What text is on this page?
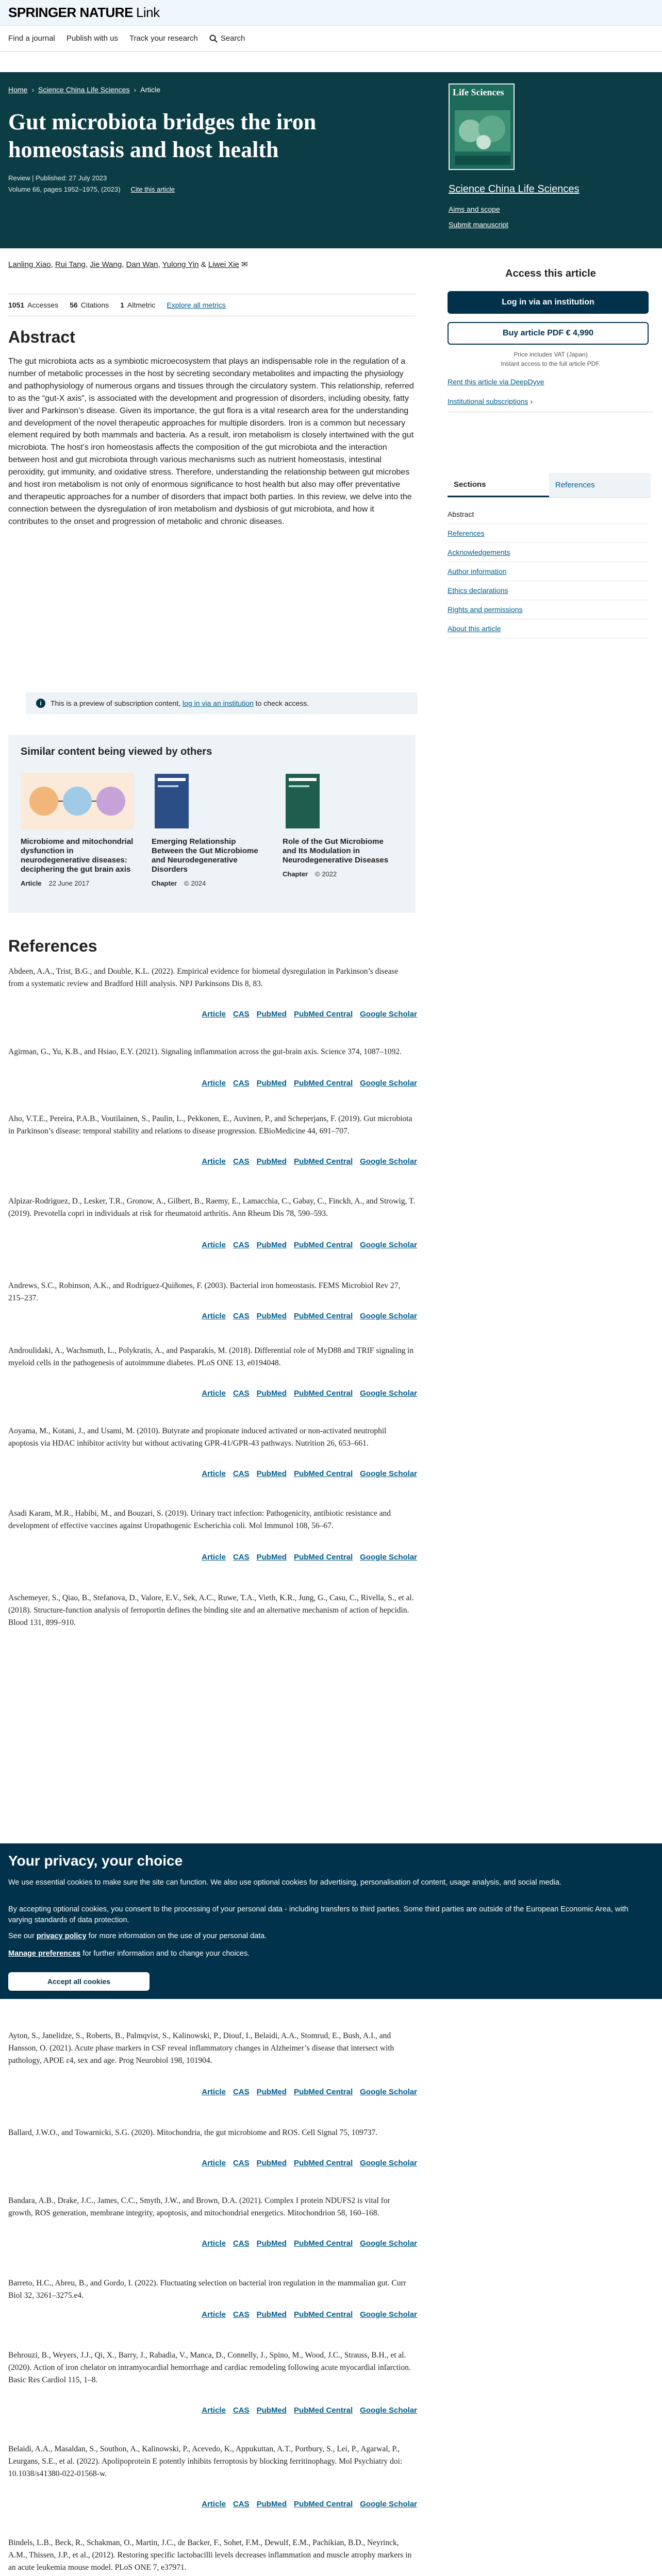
SPRINGER NATURE Link
Find a journal Publish with us Track your research	Search
Home › Science China Life Sciences › Article
Gut microbiota bridges the iron homeostasis and host health
Review | Published: 27 July 2023
Volume 66, pages 1952–1975, (2023) Cite this article
Life Sciences
Science China Life Sciences
Aims and scope
Submit manuscript
Lanling Xiao, Rui Tang, Jie Wang, Dan Wan, Yulong Yin & Liwei Xie ✉
1051 Accesses 56 Citations 1 Altmetric Explore all metrics
Abstract

The gut microbiota acts as a symbiotic microecosystem that plays an indispensable role in the regulation of a number of metabolic processes in the host by secreting secondary metabolites and impacting the physiology and pathophysiology of numerous organs and tissues through the circulatory system. This relationship, referred to as the “gut-X axis”, is associated with the development and progression of disorders, including obesity, fatty liver and Parkinson’s disease. Given its importance, the gut flora is a vital research area for the understanding and development of the novel therapeutic approaches for multiple disorders. Iron is a common but necessary element required by both mammals and bacteria. As a result, iron metabolism is closely intertwined with the gut microbiota. The host’s iron homeostasis affects the composition of the gut microbiota and the interaction between host and gut microbiota through various mechanisms such as nutrient homeostasis, intestinal peroxidity, gut immunity, and oxidative stress. Therefore, understanding the relationship between gut microbes and host iron metabolism is not only of enormous significance to host health but also may offer preventative and therapeutic approaches for a number of disorders that impact both parties. In this review, we delve into the connection between the dysregulation of iron metabolism and dysbiosis of gut microbiota, and how it contributes to the onset and progression of metabolic and chronic diseases.

i	This is a preview of subscription content, log in via an institution to check access.
Similar content being viewed by others
Microbiome and mitochondrial dysfunction in neurodegenerative diseases: deciphering the gut brain axis
Article 22 June 2017
Emerging Relationship Between the Gut Microbiome and Neurodegenerative Disorders
Chapter © 2024
Role of the Gut Microbiome and Its Modulation in Neurodegenerative Diseases
Chapter © 2022
References
Abdeen, A.A., Trist, B.G., and Double, K.L. (2022). Empirical evidence for biometal dysregulation in Parkinson’s disease from a systematic review and Bradford Hill analysis. NPJ Parkinsons Dis 8, 83.
Article CAS PubMed PubMed Central Google Scholar
Agirman, G., Yu, K.B., and Hsiao, E.Y. (2021). Signaling inflammation across the gut-brain axis. Science 374, 1087–1092.
Article CAS PubMed PubMed Central Google Scholar
Aho, V.T.E., Pereira, P.A.B., Voutilainen, S., Paulin, L., Pekkonen, E., Auvinen, P., and Scheperjans, F. (2019). Gut microbiota in Parkinson’s disease: temporal stability and relations to disease progression. EBioMedicine 44, 691–707.
Article CAS PubMed PubMed Central Google Scholar
Alpizar-Rodriguez, D., Lesker, T.R., Gronow, A., Gilbert, B., Raemy, E., Lamacchia, C., Gabay, C., Finckh, A., and Strowig, T. (2019). Prevotella copri in individuals at risk for rheumatoid arthritis. Ann Rheum Dis 78, 590–593.
Article CAS PubMed PubMed Central Google Scholar
Andrews, S.C., Robinson, A.K., and Rodríguez-Quiñones, F. (2003). Bacterial iron homeostasis. FEMS Microbiol Rev 27, 215–237.
Article CAS PubMed PubMed Central Google Scholar
Androulidaki, A., Wachsmuth, L., Polykratis, A., and Pasparakis, M. (2018). Differential role of MyD88 and TRIF signaling in myeloid cells in the pathogenesis of autoimmune diabetes. PLoS ONE 13, e0194048.
Article CAS PubMed PubMed Central Google Scholar
Aoyama, M., Kotani, J., and Usami, M. (2010). Butyrate and propionate induced activated or non-activated neutrophil apoptosis via HDAC inhibitor activity but without activating GPR-41/GPR-43 pathways. Nutrition 26, 653–661.
Article CAS PubMed PubMed Central Google Scholar
Asadi Karam, M.R., Habibi, M., and Bouzari, S. (2019). Urinary tract infection: Pathogenicity, antibiotic resistance and development of effective vaccines against Uropathogenic Escherichia coli. Mol Immunol 108, 56–67.
Article CAS PubMed PubMed Central Google Scholar
Aschemeyer, S., Qiao, B., Stefanova, D., Valore, E.V., Sek, A.C., Ruwe, T.A., Vieth, K.R., Jung, G., Casu, C., Rivella, S., et al. (2018). Structure-function analysis of ferroportin defines the binding site and an alternative mechanism of action of hepcidin. Blood 131, 899–910.
Your privacy, your choice
We use essential cookies to make sure the site can function. We also use optional cookies for advertising, personalisation of content, usage analysis, and social media.
By accepting optional cookies, you consent to the processing of your personal data - including transfers to third parties. Some third parties are outside of the European Economic Area, with varying standards of data protection.
See our privacy policy for more information on the use of your personal data.
Manage preferences for further information and to change your choices.
Accept all cookies
Ayton, S., Janelidze, S., Roberts, B., Palmqvist, S., Kalinowski, P., Diouf, I., Belaidi, A.A., Stomrud, E., Bush, A.I., and Hansson, O. (2021). Acute phase markers in CSF reveal inflammatory changes in Alzheimer’s disease that intersect with pathology, APOE ε4, sex and age. Prog Neurobiol 198, 101904.
Article CAS PubMed PubMed Central Google Scholar
Ballard, J.W.O., and Towarnicki, S.G. (2020). Mitochondria, the gut microbiome and ROS. Cell Signal 75, 109737.
Article CAS PubMed PubMed Central Google Scholar
Bandara, A.B., Drake, J.C., James, C.C., Smyth, J.W., and Brown, D.A. (2021). Complex I protein NDUFS2 is vital for growth, ROS generation, membrane integrity, apoptosis, and mitochondrial energetics. Mitochondrion 58, 160–168.
Article CAS PubMed PubMed Central Google Scholar
Barreto, H.C., Abreu, B., and Gordo, I. (2022). Fluctuating selection on bacterial iron regulation in the mammalian gut. Curr Biol 32, 3261–3275.e4.
Article CAS PubMed PubMed Central Google Scholar
Behrouzi, B., Weyers, J.J., Qi, X., Barry, J., Rabadia, V., Manca, D., Connelly, J., Spino, M., Wood, J.C., Strauss, B.H., et al. (2020). Action of iron chelator on intramyocardial hemorrhage and cardiac remodeling following acute myocardial infarction. Basic Res Cardiol 115, 1–8.
Article CAS PubMed PubMed Central Google Scholar
Belaidi, A.A., Masaldan, S., Southon, A., Kalinowski, P., Acevedo, K., Appukuttan, A.T., Portbury, S., Lei, P., Agarwal, P., Leurgans, S.E., et al. (2022). Apolipoprotein E potently inhibits ferroptosis by blocking ferritinophagy. Mol Psychiatry doi: 10.1038/s41380-022-01568-w.
Article CAS PubMed PubMed Central Google Scholar
Bindels, L.B., Beck, R., Schakman, O., Martin, J.C., de Backer, F., Sohet, F.M., Dewulf, E.M., Pachikian, B.D., Neyrinck, A.M., Thissen, J.P., et al., (2012). Restoring specific lactobacilli levels decreases inflammation and muscle atrophy markers in an acute leukemia mouse model. PLoS ONE 7, e37971.
Access this article
Log in via an institution
Buy article PDF € 4,990
Price includes VAT (Japan)
Instant access to the full article PDF.
Rent this article via DeepDyve
Institutional subscriptions ›
Sections	References
Abstract
References
Acknowledgements
Author information
Ethics declarations
Rights and permissions
About this article
